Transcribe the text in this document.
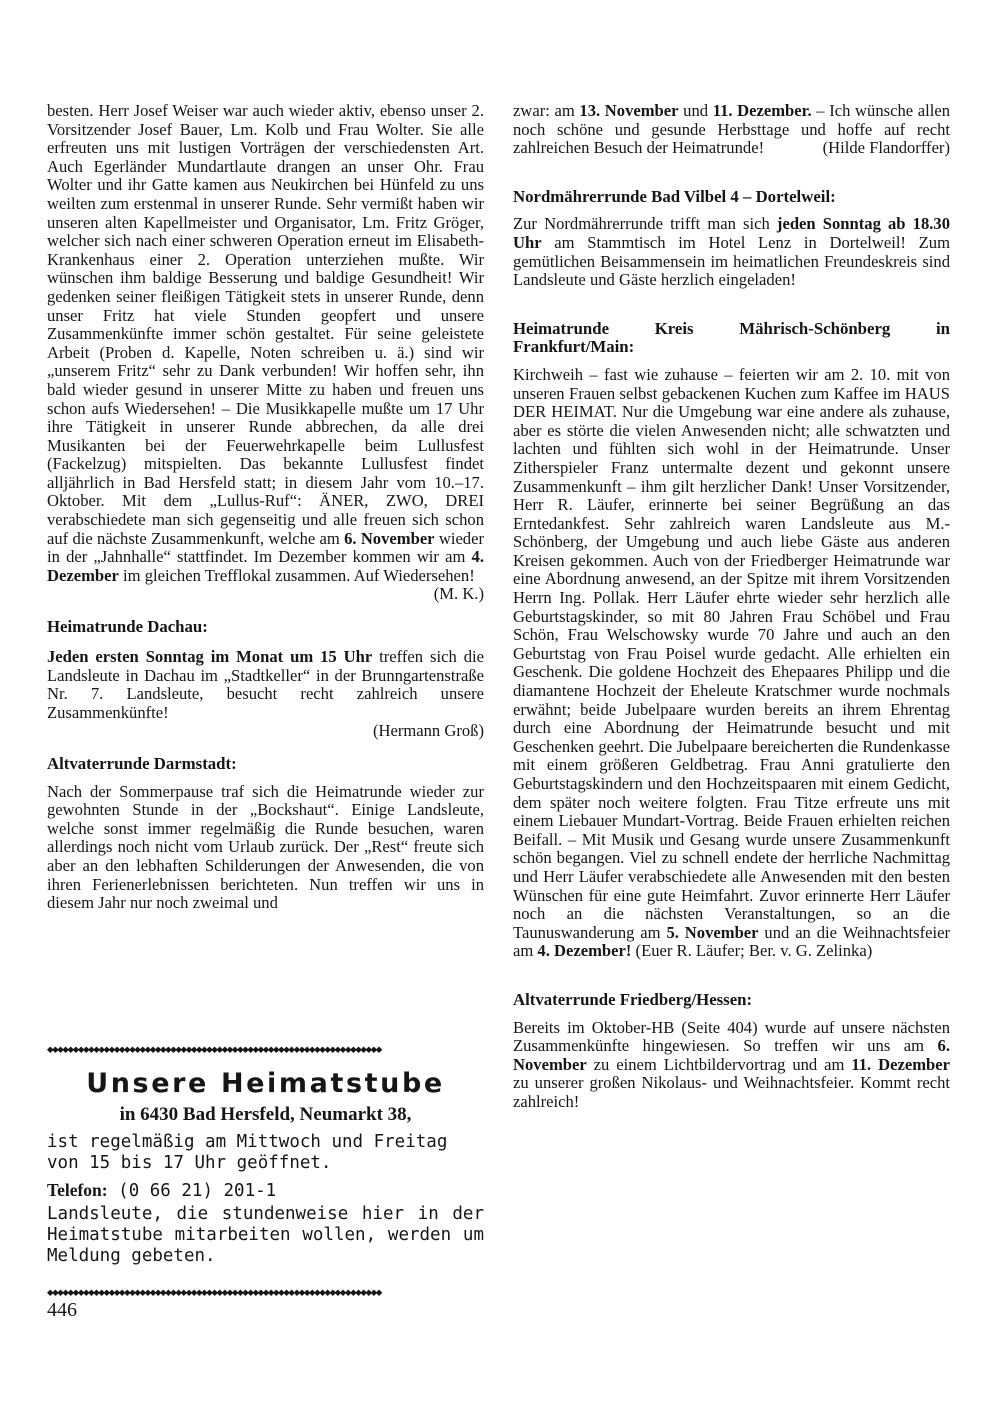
besten. Herr Josef Weiser war auch wieder aktiv, ebenso unser 2. Vorsitzender Josef Bauer, Lm. Kolb und Frau Wolter. Sie alle erfreuten uns mit lustigen Vorträgen der verschiedensten Art. Auch Egerländer Mundartlaute drangen an unser Ohr. Frau Wolter und ihr Gatte kamen aus Neukirchen bei Hünfeld zu uns weilten zum erstenmal in unserer Runde. Sehr vermißt haben wir unseren alten Kapellmeister und Organisator, Lm. Fritz Gröger, welcher sich nach einer schweren Operation erneut im Elisabeth-Krankenhaus einer 2. Operation unterziehen mußte. Wir wünschen ihm baldige Besserung und baldige Gesundheit! Wir gedenken seiner fleißigen Tätigkeit stets in unserer Runde, denn unser Fritz hat viele Stunden geopfert und unsere Zusammenkünfte immer schön gestaltet. Für seine geleistete Arbeit (Proben d. Kapelle, Noten schreiben u. ä.) sind wir „unserem Fritz“ sehr zu Dank verbunden! Wir hoffen sehr, ihn bald wieder gesund in unserer Mitte zu haben und freuen uns schon aufs Wiedersehen! – Die Musikkapelle mußte um 17 Uhr ihre Tätigkeit in unserer Runde abbrechen, da alle drei Musikanten bei der Feuerwehrkapelle beim Lullusfest (Fackelzug) mitspielten. Das bekannte Lullusfest findet alljährlich in Bad Hersfeld statt; in diesem Jahr vom 10.–17. Oktober. Mit dem „Lullus-Ruf“: ÄNER, ZWO, DREI verabschiedete man sich gegenseitig und alle freuen sich schon auf die nächste Zusammenkunft, welche am 6. November wieder in der „Jahnhalle“ stattfindet. Im Dezember kommen wir am 4. Dezember im gleichen Trefflokal zusammen. Auf Wiedersehen!
(M. K.)

Heimatrunde Dachau:

Jeden ersten Sonntag im Monat um 15 Uhr treffen sich die Landsleute in Dachau im „Stadtkeller“ in der Brunngartenstraße Nr. 7. Landsleute, besucht recht zahlreich unsere Zusammenkünfte!

(Hermann Groß)

Altvaterrunde Darmstadt:

Nach der Sommerpause traf sich die Heimatrunde wieder zur gewohnten Stunde in der „Bockshaut“. Einige Landsleute, welche sonst immer regelmäßig die Runde besuchen, waren allerdings noch nicht vom Urlaub zurück. Der „Rest“ freute sich aber an den lebhaften Schilderungen der Anwesenden, die von ihren Ferienerlebnissen berichteten. Nun treffen wir uns in diesem Jahr nur noch zweimal und

◆◆◆◆◆◆◆◆◆◆◆◆◆◆◆◆◆◆◆◆◆◆◆◆◆◆◆◆◆◆◆◆◆◆◆◆◆◆◆◆◆◆◆◆◆◆◆◆◆◆◆◆◆◆◆◆◆◆◆◆◆◆◆◆◆
Unsere Heimatstube
in 6430 Bad Hersfeld, Neumarkt 38,
ist regelmäßig am Mittwoch und Freitag von 15 bis 17 Uhr geöffnet.
Telefon: (0 66 21) 201-1
Landsleute, die stundenweise hier in der Heimatstube mitarbeiten wollen, werden um Meldung gebeten.
◆◆◆◆◆◆◆◆◆◆◆◆◆◆◆◆◆◆◆◆◆◆◆◆◆◆◆◆◆◆◆◆◆◆◆◆◆◆◆◆◆◆◆◆◆◆◆◆◆◆◆◆◆◆◆◆◆◆◆◆◆◆◆◆◆

zwar: am 13. November und 11. Dezember. – Ich wünsche allen noch schöne und gesunde Herbsttage und hoffe auf recht zahlreichen Besuch der Heimatrunde!	(Hilde Flandorffer)

Nordmährerrunde Bad Vilbel 4 – Dortelweil:

Zur Nordmährerrunde trifft man sich jeden Sonntag ab 18.30 Uhr am Stammtisch im Hotel Lenz in Dortelweil! Zum gemütlichen Beisammensein im heimatlichen Freundeskreis sind Landsleute und Gäste herzlich eingeladen!

Heimatrunde Kreis Mährisch-Schönberg in Frankfurt/Main:

Kirchweih – fast wie zuhause – feierten wir am 2. 10. mit von unseren Frauen selbst gebackenen Kuchen zum Kaffee im HAUS DER HEIMAT. Nur die Umgebung war eine andere als zuhause, aber es störte die vielen Anwesenden nicht; alle schwatzten und lachten und fühlten sich wohl in der Heimatrunde. Unser Zitherspieler Franz untermalte dezent und gekonnt unsere Zusammenkunft – ihm gilt herzlicher Dank! Unser Vorsitzender, Herr R. Läufer, erinnerte bei seiner Begrüßung an das Erntedankfest. Sehr zahlreich waren Landsleute aus M.-Schönberg, der Umgebung und auch liebe Gäste aus anderen Kreisen gekommen. Auch von der Friedberger Heimatrunde war eine Abordnung anwesend, an der Spitze mit ihrem Vorsitzenden Herrn Ing. Pollak. Herr Läufer ehrte wieder sehr herzlich alle Geburtstagskinder, so mit 80 Jahren Frau Schöbel und Frau Schön, Frau Welschowsky wurde 70 Jahre und auch an den Geburtstag von Frau Poisel wurde gedacht. Alle erhielten ein Geschenk. Die goldene Hochzeit des Ehepaares Philipp und die diamantene Hochzeit der Eheleute Kratschmer wurde nochmals erwähnt; beide Jubelpaare wurden bereits an ihrem Ehrentag durch eine Abordnung der Heimatrunde besucht und mit Geschenken geehrt. Die Jubelpaare bereicherten die Rundenkasse mit einem größeren Geldbetrag. Frau Anni gratulierte den Geburtstagskindern und den Hochzeitspaaren mit einem Gedicht, dem später noch weitere folgten. Frau Titze erfreute uns mit einem Liebauer Mundart-Vortrag. Beide Frauen erhielten reichen Beifall. – Mit Musik und Gesang wurde unsere Zusammenkunft schön begangen. Viel zu schnell endete der herrliche Nachmittag und Herr Läufer verabschiedete alle Anwesenden mit den besten Wünschen für eine gute Heimfahrt. Zuvor erinnerte Herr Läufer noch an die nächsten Veranstaltungen, so an die Taunuswanderung am 5. November und an die Weihnachtsfeier am 4. Dezember! (Euer R. Läufer; Ber. v. G. Zelinka)

Altvaterrunde Friedberg/Hessen:

Bereits im Oktober-HB (Seite 404) wurde auf unsere nächsten Zusammenkünfte hingewiesen. So treffen wir uns am 6. November zu einem Lichtbildervortrag und am 11. Dezember zu unserer großen Nikolaus- und Weihnachtsfeier. Kommt recht zahlreich!

446
